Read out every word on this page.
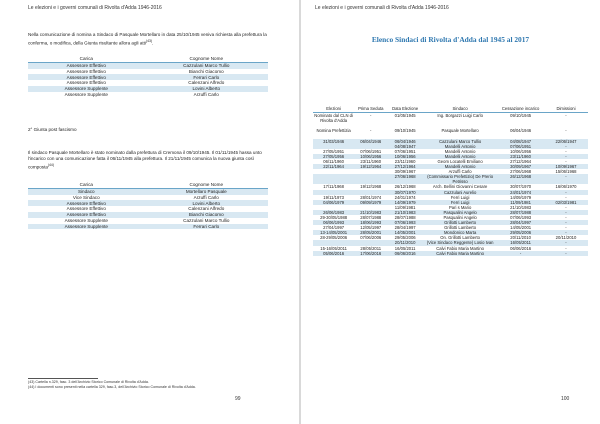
Le elezioni e i governi comunali di Rivolta d'Adda 1946-2016
Nella comunicazione di nomina a Sindaco di Pasquale Mortellaro in data 25/10/1945 veniva richiesta alla prefettura la conferma, o modifica, della Giunta risultante allora agli atti$^{(43)}$.
Carica	Cognome Nome
Assessore Effettivo	Cazzulani Marco Tullio
Assessore Effettivo	Bianchi Giacomo
Assessore Effettivo	Ferrari Carlo
Assessore Effettivo	Calenzani Alfredo
Assessore Supplente	Lovini Alberto
Assessore Supplente	Arzuffi Carlo
2° Giunta post fascismo
Il sindaco Pasquale Mortellaro è stato nominato dalla prefettura di Cremona il 09/10/1945. Il 01/11/1945 hassa unto l'incarico con una comunicazione fatta il 06/11/1945 alla prefettura. Il 21/11/1945 comunica la nuova giunta così composta$^{(44)}$
Carica	Cognome Nome
Sindaco	Mortellaro Pasquale
Vice Sindaco	Arzuffi Carlo
Assessore Effettivo	Lovini Alberto
Assessore Effettivo	Calenzani Alfredo
Assessore Effettivo	Bianchi Giacomo
Assessore Supplente	Cazzulani Marco Tullio
Assessore Supplente	Ferrari Carlo
(43) Cartella n.329, fasc. 3 dell'Archivio Storico Comunale di Rivolta d'Adda.
(44) I documenti sono presenti nella cartella 329, fasc.3, dell'Archivio Storico Comunale di Rivolta d'Adda.
99
Le elezioni e i governi comunali di Rivolta d'Adda 1946-2016
Elenco Sindaci di Rivolta d'Adda dal 1945 al 2017
Elezioni	Prima Seduta	Data Elezione	Sindaco	Cessazione incarico	Dimissioni
Nominato dal CLN di Rivolta d'Adda	-	01/05/1945	Ing. Borgazzi Luigi Carlo	09/10/1945	-

Nomina Prefettizia	-	09/10/1945	Pasquale Mortellaro	06/04/1946	-

31/03/1946	06/04/1946	06/04/1946	Cazzulani Marco Tullio	04/08/1947	22/06/1947
		04/08/1947	Mandelli Antonio	07/06/1951	-
27/05/1951	07/06/1951	07/06/1951	Mandelli Antonio	10/06/1956	-
27/05/1956	10/06/1956	10/06/1956	Mandelli Antonio	23/11/1960	-
06/11/1960	23/11/1960	23/11/1960	Geom Locatelli Emiliano	27/12/1964	-
22/11/1964	19/12/1964	27/12/1964	Mandelli Antonio	30/09/1967	10/09/1967
		30/09/1967	Arzuffi Carlo	27/06/1968	15/06/1968
		27/06/1968	(Commissario Prefettizio) De Prerio Petrisso	26/12/1968	-
17/11/1968	19/12/1968	26/12/1968	Arch. Bellini Giovanni Cesare	30/07/1970	16/06/1970
		30/07/1970	Cazzulani Aurelio	24/01/1974	-
19/11/1973	28/01/1974	24/01/1974	Ferri Luigi	14/09/1979	-
04/06/1979	09/09/1979	14/09/1979	Ferri Luigi	11/09/1981	02/03/1981
		11/09/1981	Pari s Mario	21/10/1983	-
26/06/1983	21/10/1983	21/10/1983	Pasqualini Angelo	28/07/1988	-
29-30/05/1988	28/07/1988	28/07/1988	Pasqualini Angelo	07/06/1993	-
06/06/1993	18/06/1993	07/06/1993	Grillotti Lamberto	28/04/1997	-
27/04/1997	12/05/1997	28/04/1997	Grillotti Lamberto	14/05/2001	-
13-14/05/2001	28/05/2001	14/05/2001	Mondonico Marta	29/05/2006	-
28-29/05/2006	07/06/2006	29/05/2006	On. Grillotti Lamberto	20/11/2010	20/11/2010
		20/11/2010	(Vice Sindaco Reggente) Losio Ivan	16/05/2011	-
15-16/05/2011	28/05/2011	16/05/2011	Calvi Fabio Maria Martino	06/06/2016	-
05/06/2016	17/06/2016	06/06/2016	Calvi Fabio Maria Martino	-	-
100
